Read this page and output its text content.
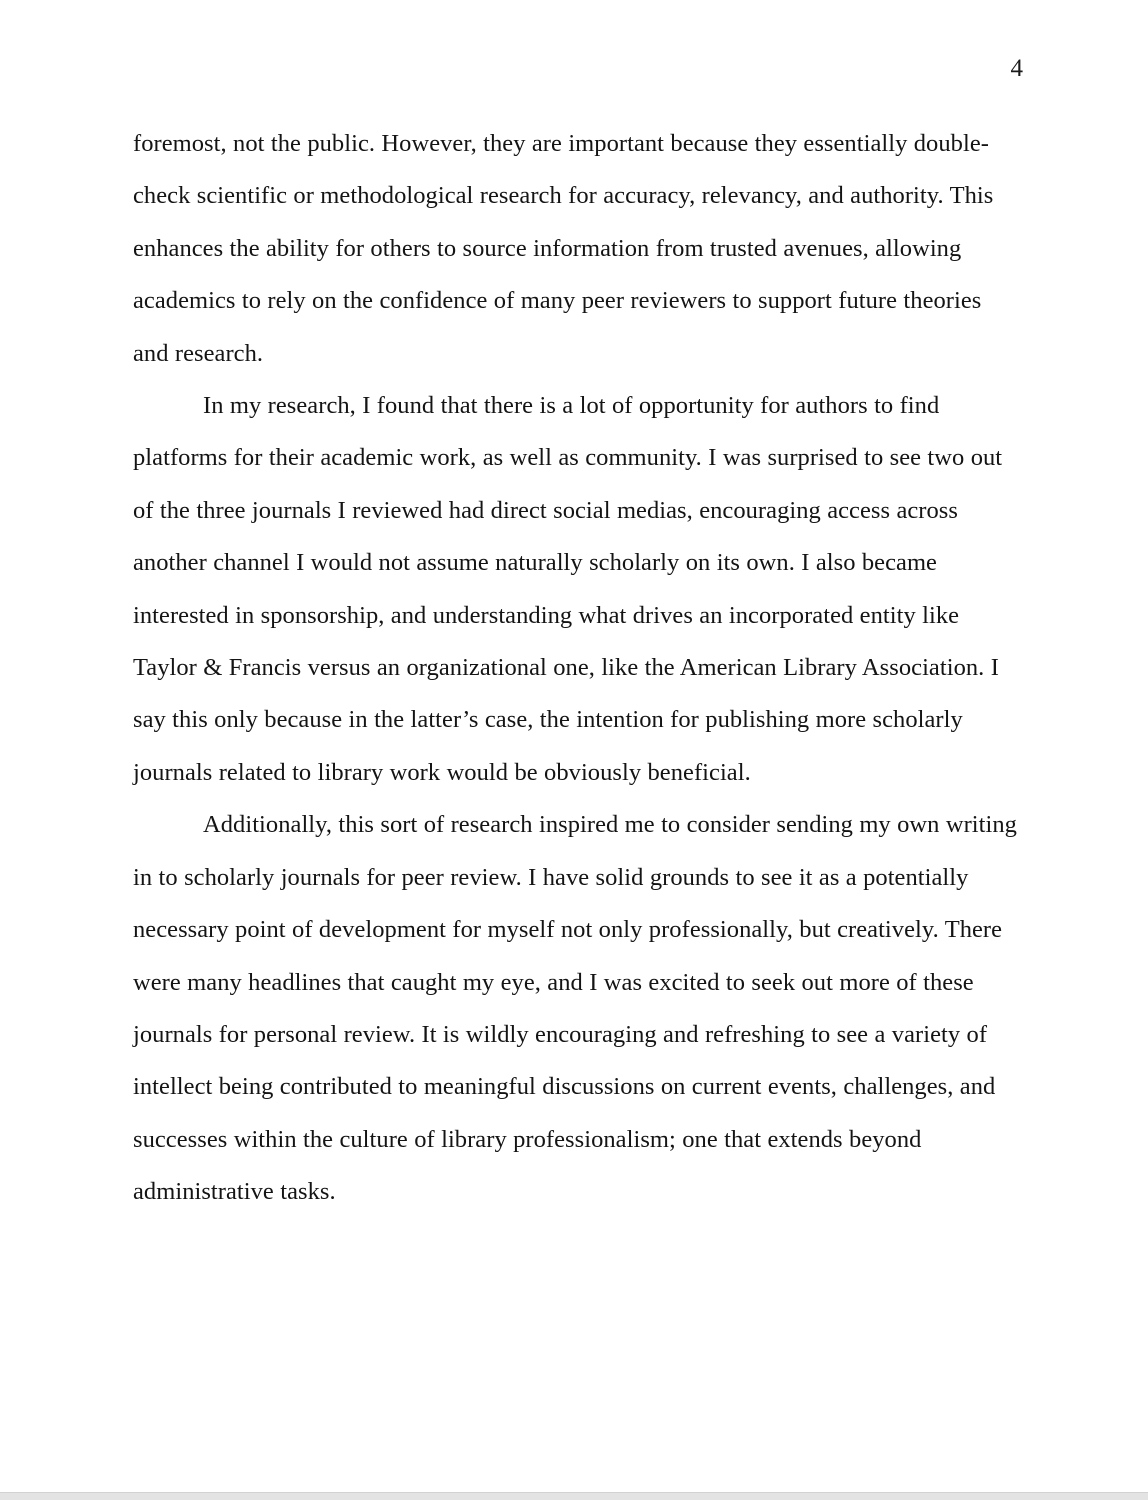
4

foremost, not the public. However, they are important because they essentially double-check scientific or methodological research for accuracy, relevancy, and authority. This enhances the ability for others to source information from trusted avenues, allowing academics to rely on the confidence of many peer reviewers to support future theories and research.

In my research, I found that there is a lot of opportunity for authors to find platforms for their academic work, as well as community. I was surprised to see two out of the three journals I reviewed had direct social medias, encouraging access across another channel I would not assume naturally scholarly on its own. I also became interested in sponsorship, and understanding what drives an incorporated entity like Taylor & Francis versus an organizational one, like the American Library Association. I say this only because in the latter’s case, the intention for publishing more scholarly journals related to library work would be obviously beneficial.

Additionally, this sort of research inspired me to consider sending my own writing in to scholarly journals for peer review. I have solid grounds to see it as a potentially necessary point of development for myself not only professionally, but creatively. There were many headlines that caught my eye, and I was excited to seek out more of these journals for personal review. It is wildly encouraging and refreshing to see a variety of intellect being contributed to meaningful discussions on current events, challenges, and successes within the culture of library professionalism; one that extends beyond administrative tasks.
